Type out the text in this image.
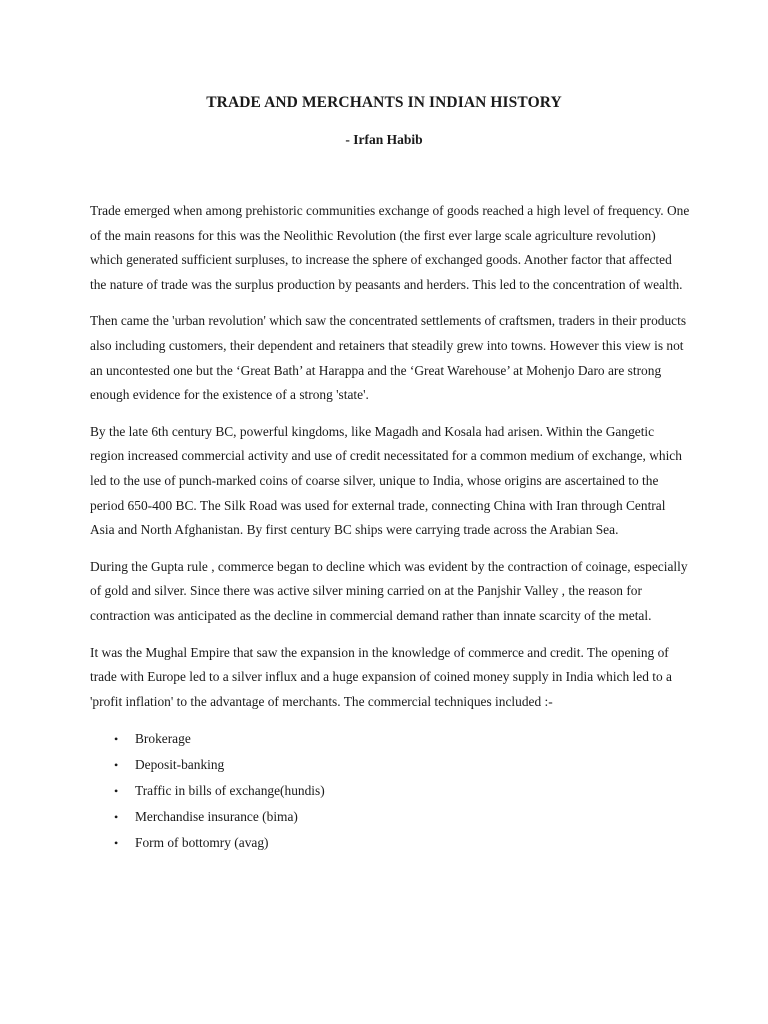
TRADE AND MERCHANTS IN INDIAN HISTORY

- Irfan Habib

Trade emerged when among prehistoric communities exchange of goods reached a high level of frequency. One of the main reasons for this was the Neolithic Revolution (the first ever large scale agriculture revolution) which generated sufficient surpluses, to increase the sphere of exchanged goods. Another factor that affected the nature of trade was the surplus production by peasants and herders. This led to the concentration of wealth.

Then came the 'urban revolution' which saw the concentrated settlements of craftsmen, traders in their products also including customers, their dependent and retainers that steadily grew into towns. However this view is not an uncontested one but the ‘Great Bath’ at Harappa and the ‘Great Warehouse’ at Mohenjo Daro are strong enough evidence for the existence of a strong 'state'.

By the late 6th century BC, powerful kingdoms, like Magadh and Kosala had arisen. Within the Gangetic region increased commercial activity and use of credit necessitated for a common medium of exchange, which led to the use of punch-marked coins of coarse silver, unique to India, whose origins are ascertained to the period 650-400 BC. The Silk Road was used for external trade, connecting China with Iran through Central Asia and North Afghanistan. By first century BC ships were carrying trade across the Arabian Sea.

During the Gupta rule , commerce began to decline which was evident by the contraction of coinage, especially of gold and silver. Since there was active silver mining carried on at the Panjshir Valley , the reason for contraction was anticipated as the decline in commercial demand rather than innate scarcity of the metal.

It was the Mughal Empire that saw the expansion in the knowledge of commerce and credit. The opening of trade with Europe led to a silver influx and a huge expansion of coined money supply in India which led to a 'profit inflation' to the advantage of merchants. The commercial techniques included :-

• Brokerage
• Deposit-banking
• Traffic in bills of exchange(hundis)
• Merchandise insurance (bima)
• Form of bottomry (avag)
